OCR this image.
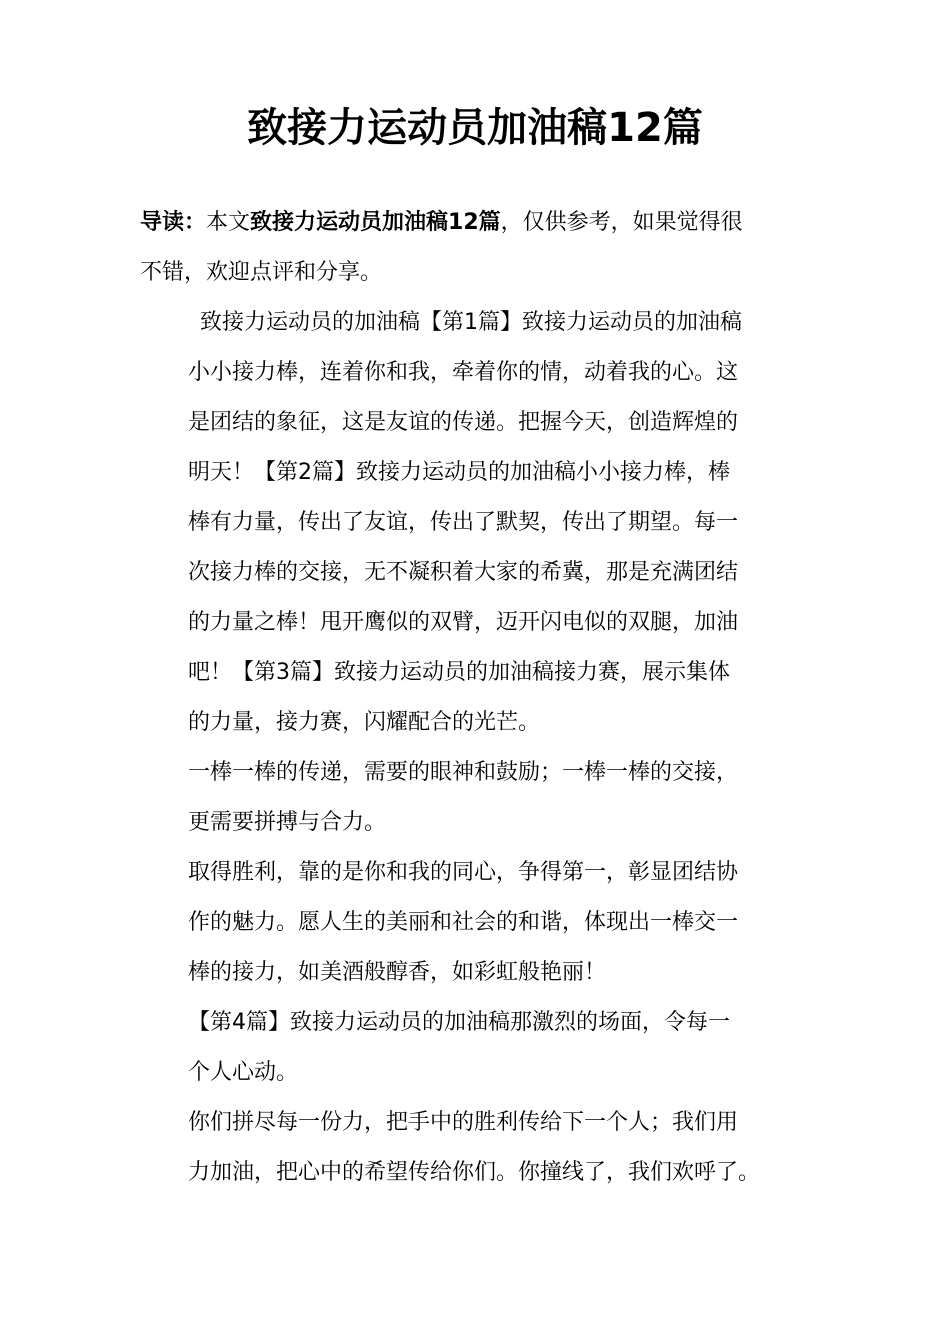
致接力运动员加油稿12篇
导读：本文致接力运动员加油稿12篇，仅供参考，如果觉得很
不错，欢迎点评和分享。
致接力运动员的加油稿【第1篇】致接力运动员的加油稿
小小接力棒，连着你和我，牵着你的情，动着我的心。这
是团结的象征，这是友谊的传递。把握今天，创造辉煌的
明天！【第2篇】致接力运动员的加油稿小小接力棒，棒
棒有力量，传出了友谊，传出了默契，传出了期望。每一
次接力棒的交接，无不凝积着大家的希冀，那是充满团结
的力量之棒！甩开鹰似的双臂，迈开闪电似的双腿，加油
吧！【第3篇】致接力运动员的加油稿接力赛，展示集体
的力量，接力赛，闪耀配合的光芒。
一棒一棒的传递，需要的眼神和鼓励；一棒一棒的交接，
更需要拼搏与合力。
取得胜利，靠的是你和我的同心，争得第一，彰显团结协
作的魅力。愿人生的美丽和社会的和谐，体现出一棒交一
棒的接力，如美酒般醇香，如彩虹般艳丽！
【第4篇】致接力运动员的加油稿那激烈的场面，令每一
个人心动。
你们拼尽每一份力，把手中的胜利传给下一个人；我们用
力加油，把心中的希望传给你们。你撞线了，我们欢呼了。
